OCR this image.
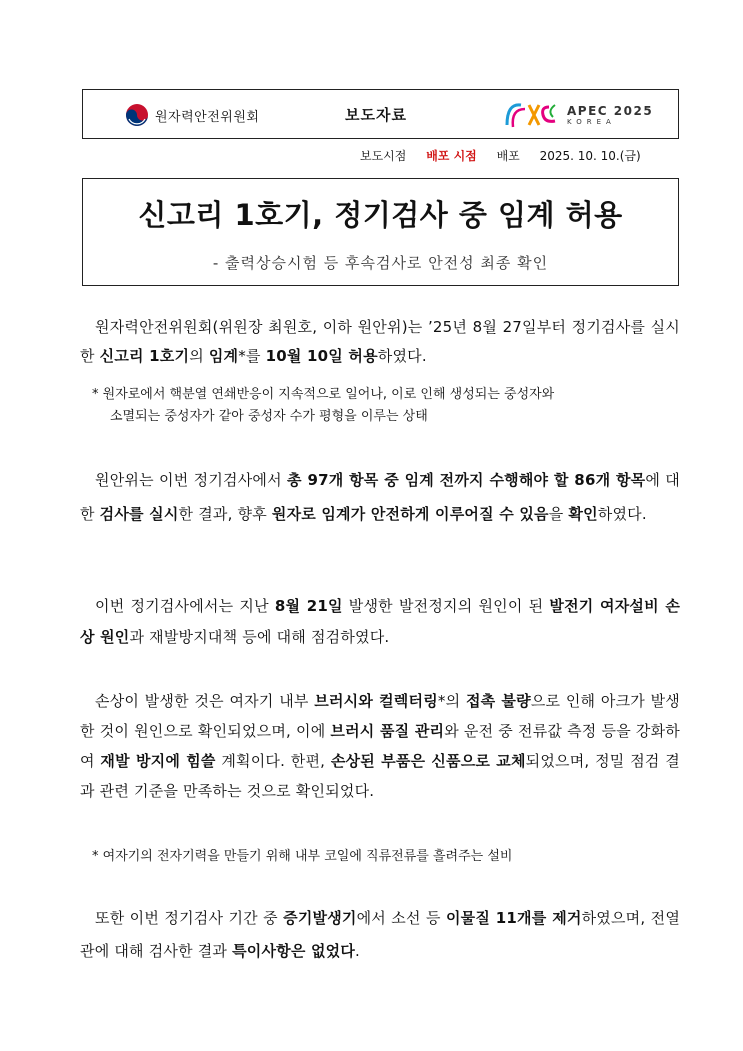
원자력안전위원회	보도자료	APEC 2025
KOREA
보도시점 배포 시점 배포 2025. 10. 10.(금)
신고리 1호기, 정기검사 중 임계 허용
- 출력상승시험 등 후속검사로 안전성 최종 확인
원자력안전위원회(위원장 최원호, 이하 원안위)는 ’25년 8월 27일부터 정기검사를 실시한 신고리 1호기의 임계*를 10월 10일 허용하였다.
* 원자로에서 핵분열 연쇄반응이 지속적으로 일어나, 이로 인해 생성되는 중성자와
소멸되는 중성자가 같아 중성자 수가 평형을 이루는 상태
원안위는 이번 정기검사에서 총 97개 항목 중 임계 전까지 수행해야 할 86개 항목에 대한 검사를 실시한 결과, 향후 원자로 임계가 안전하게 이루어질 수 있음을 확인하였다.
이번 정기검사에서는 지난 8월 21일 발생한 발전정지의 원인이 된 발전기 여자설비 손상 원인과 재발방지대책 등에 대해 점검하였다.
손상이 발생한 것은 여자기 내부 브러시와 컬렉터링*의 접촉 불량으로 인해 아크가 발생한 것이 원인으로 확인되었으며, 이에 브러시 품질 관리와 운전 중 전류값 측정 등을 강화하여 재발 방지에 힘쓸 계획이다. 한편, 손상된 부품은 신품으로 교체되었으며, 정밀 점검 결과 관련 기준을 만족하는 것으로 확인되었다.
* 여자기의 전자기력을 만들기 위해 내부 코일에 직류전류를 흘려주는 설비
또한 이번 정기검사 기간 중 증기발생기에서 소선 등 이물질 11개를 제거하였으며, 전열관에 대해 검사한 결과 특이사항은 없었다.
